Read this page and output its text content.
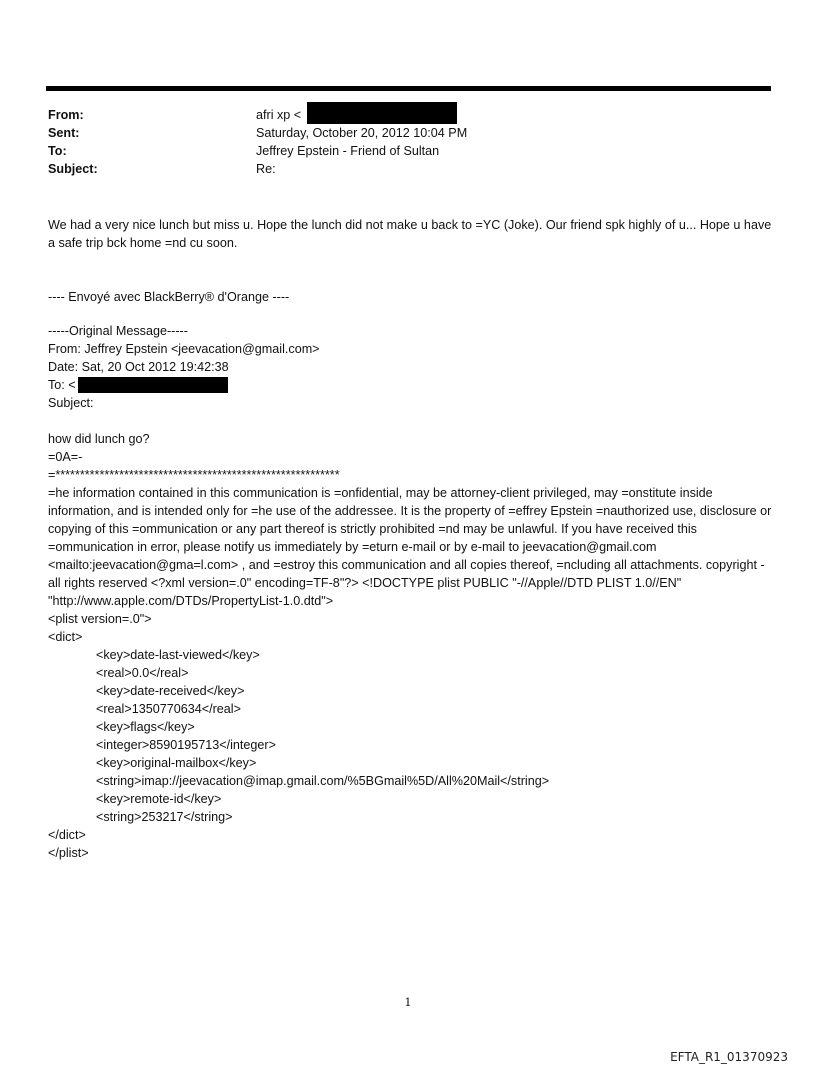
From:	afri xp <
Sent:	Saturday, October 20, 2012 10:04 PM
To:	Jeffrey Epstein - Friend of Sultan
Subject:	Re:
We had a very nice lunch but miss u. Hope the lunch did not make u back to =YC (Joke). Our friend spk highly of u... Hope u have a safe trip bck home =nd cu soon.
---- Envoyé avec BlackBerry® d'Orange ----
-----Original Message-----
From: Jeffrey Epstein <jeevacation@gmail.com>
Date: Sat, 20 Oct 2012 19:42:38
To: <
Subject:
how did lunch go?
=0A=-
=**********************************************************
=he information contained in this communication is =onfidential, may be attorney-client privileged, may =onstitute inside information, and is intended only for =he use of the addressee. It is the property of =effrey Epstein =nauthorized use, disclosure or copying of this =ommunication or any part thereof is strictly prohibited =nd may be unlawful. If you have received this =ommunication in error, please notify us immediately by =eturn e-mail or by e-mail to jeevacation@gmail.com <mailto:jeevacation@gma=l.com> , and =estroy this communication and all copies thereof, =ncluding all attachments. copyright -all rights reserved <?xml version=.0" encoding=TF-8"?> <!DOCTYPE plist PUBLIC "-//Apple//DTD PLIST 1.0//EN" "http://www.apple.com/DTDs/PropertyList-1.0.dtd">
<plist version=.0">
<dict>
<key>date-last-viewed</key>
<real>0.0</real>
<key>date-received</key>
<real>1350770634</real>
<key>flags</key>
<integer>8590195713</integer>
<key>original-mailbox</key>
<string>imap://jeevacation@imap.gmail.com/%5BGmail%5D/All%20Mail</string>
<key>remote-id</key>
<string>253217</string>
</dict>
</plist>
1
EFTA_R1_01370923
